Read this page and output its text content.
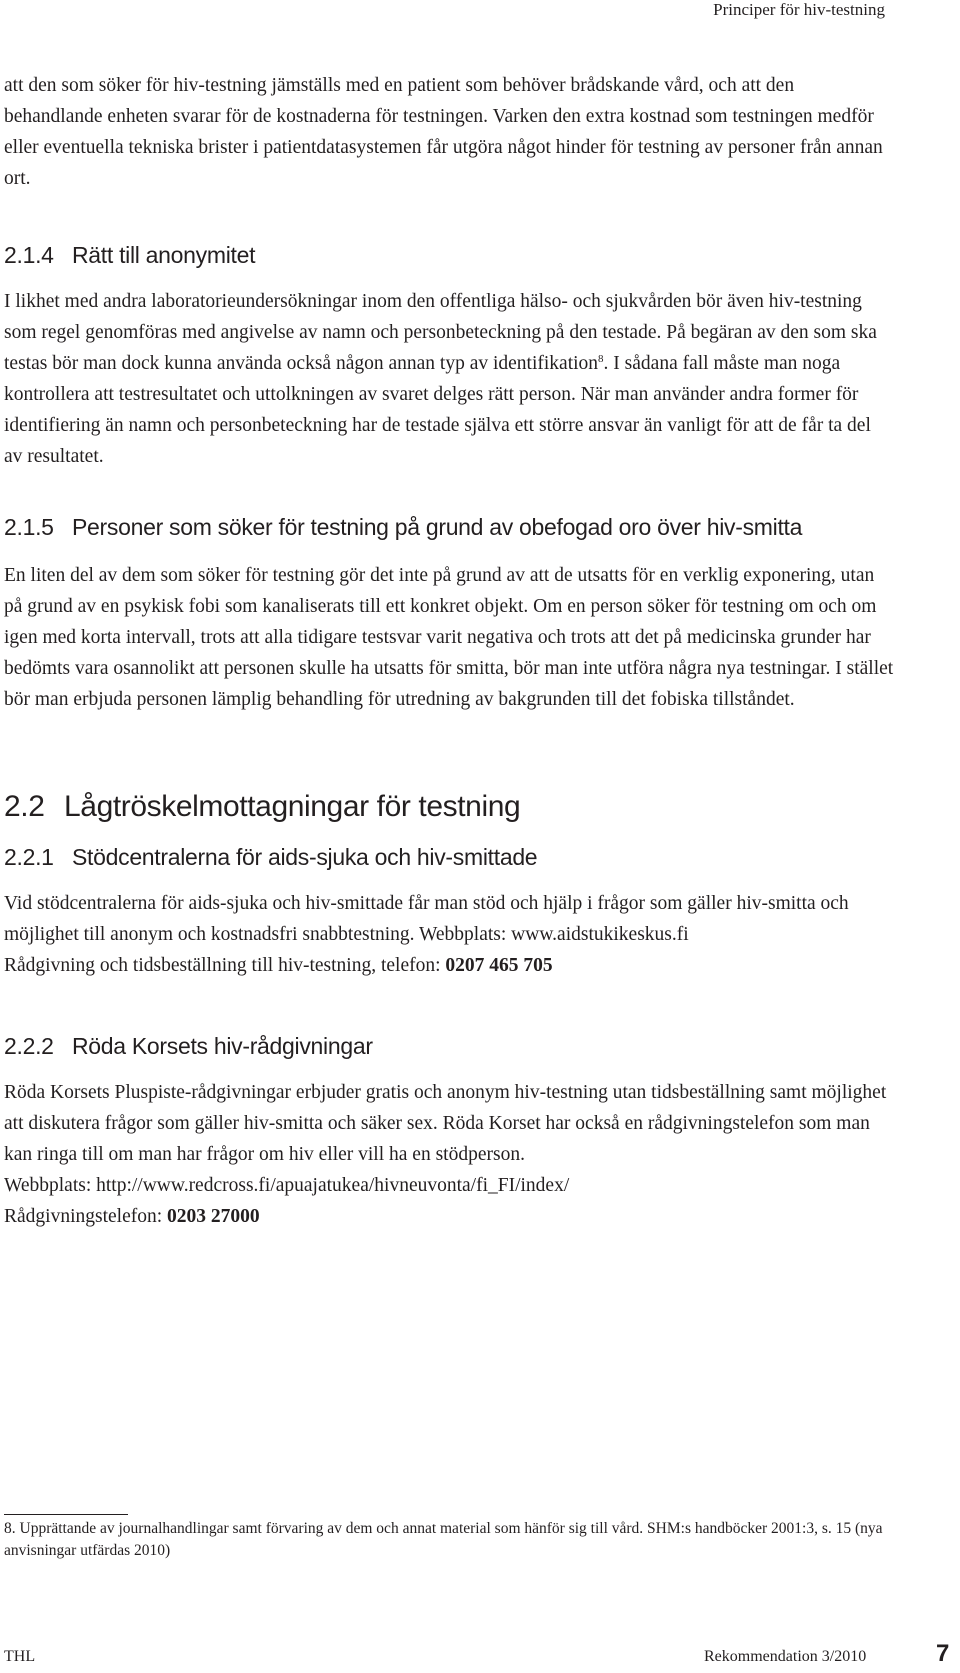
Principer för hiv-testning

att den som söker för hiv-testning jämställs med en patient som behöver brådskande vård, och att den behandlande enheten svarar för de kostnaderna för testningen. Varken den extra kostnad som testningen medför eller eventuella tekniska brister i patientdatasystemen får utgöra något hinder för testning av personer från annan ort.

2.1.4 Rätt till anonymitet

I likhet med andra laboratorieundersökningar inom den offentliga hälso- och sjukvården bör även hiv-testning som regel genomföras med angivelse av namn och personbeteckning på den testade. På begäran av den som ska testas bör man dock kunna använda också någon annan typ av identifikation$^8$. I sådana fall måste man noga kontrollera att testresultatet och uttolkningen av svaret delges rätt person. När man använder andra former för identifiering än namn och personbeteckning har de testade själva ett större ansvar än vanligt för att de får ta del av resultatet.

2.1.5 Personer som söker för testning på grund av obefogad oro över hiv-smitta

En liten del av dem som söker för testning gör det inte på grund av att de utsatts för en verklig exponering, utan på grund av en psykisk fobi som kanaliserats till ett konkret objekt. Om en person söker för testning om och om igen med korta intervall, trots att alla tidigare testsvar varit negativa och trots att det på medicinska grunder har bedömts vara osannolikt att personen skulle ha utsatts för smitta, bör man inte utföra några nya testningar. I stället bör man erbjuda personen lämplig behandling för utredning av bakgrunden till det fobiska tillståndet.

2.2 Lågtröskelmottagningar för testning
2.2.1 Stödcentralerna för aids-sjuka och hiv-smittade

Vid stödcentralerna för aids-sjuka och hiv-smittade får man stöd och hjälp i frågor som gäller hiv-smitta och möjlighet till anonym och kostnadsfri snabbtestning. Webbplats: www.aidstukikeskus.fi
Rådgivning och tidsbeställning till hiv-testning, telefon: 0207 465 705

2.2.2 Röda Korsets hiv-rådgivningar

Röda Korsets Pluspiste-rådgivningar erbjuder gratis och anonym hiv-testning utan tidsbeställning samt möjlighet att diskutera frågor som gäller hiv-smitta och säker sex. Röda Korset har också en rådgivningstelefon som man kan ringa till om man har frågor om hiv eller vill ha en stödperson.
Webbplats: http://www.redcross.fi/apuajatukea/hivneuvonta/fi_FI/index/
Rådgivningstelefon: 0203 27000

8. Upprättande av journalhandlingar samt förvaring av dem och annat material som hänför sig till vård. SHM:s handböcker 2001:3, s. 15 (nya anvisningar utfärdas 2010)

THL	Rekommendation 3/2010	7
